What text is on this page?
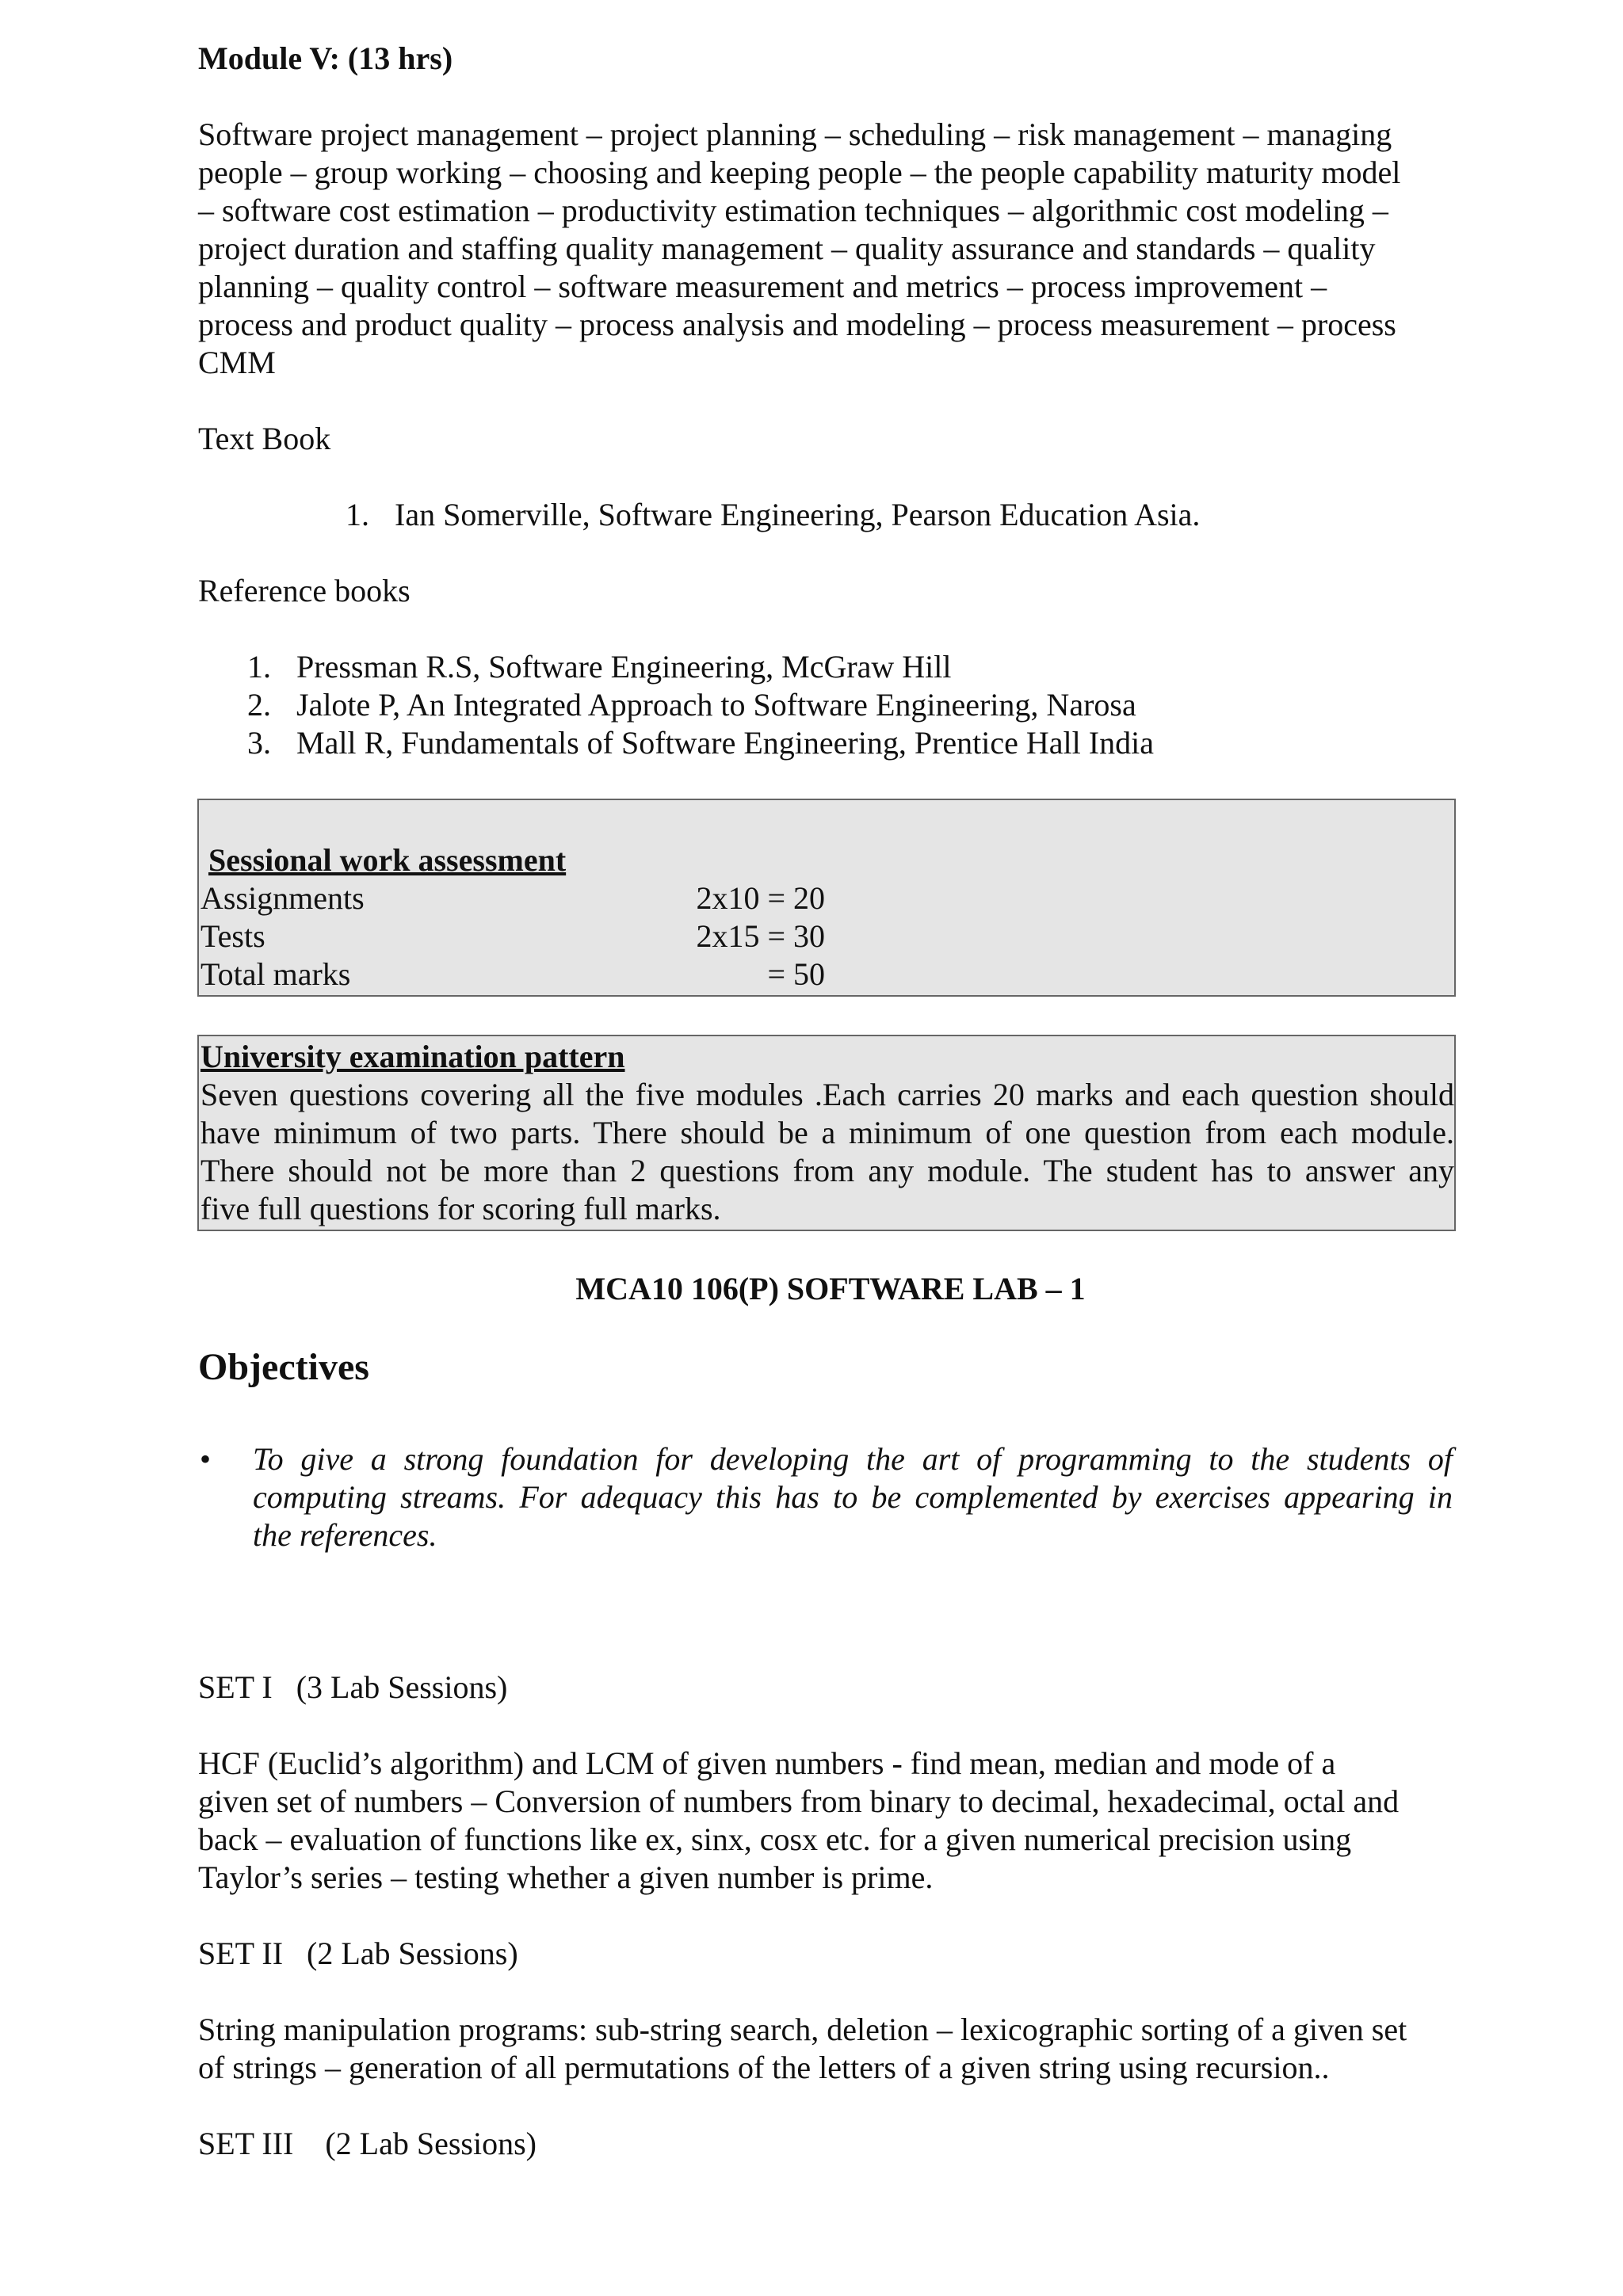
Module V: (13 hrs)
Software project management – project planning – scheduling – risk management – managing
people – group working – choosing and keeping people – the people capability maturity model
– software cost estimation – productivity estimation techniques – algorithmic cost modeling –
project duration and staffing quality management – quality assurance and standards – quality
planning – quality control – software measurement and metrics – process improvement –
process and product quality – process analysis and modeling – process measurement – process
CMM
Text Book
1. Ian Somerville, Software Engineering, Pearson Education Asia.
Reference books
1. Pressman R.S, Software Engineering, McGraw Hill
2. Jalote P, An Integrated Approach to Software Engineering, Narosa
3. Mall R, Fundamentals of Software Engineering, Prentice Hall India
Sessional work assessment
Assignments	2x10 = 20
Tests	2x15 = 30
Total marks	= 50
University examination pattern
Seven questions covering all the five modules .Each carries 20 marks and each question should
have minimum of two parts. There should be a minimum of one question from each module.
There should not be more than 2 questions from any module. The student has to answer any
five full questions for scoring full marks.
MCA10 106(P) SOFTWARE LAB – 1
Objectives
• To give a strong foundation for developing the art of programming to the students of
computing streams. For adequacy this has to be complemented by exercises appearing in
the references.
SET I   (3 Lab Sessions)
HCF (Euclid’s algorithm) and LCM of given numbers - find mean, median and mode of a
given set of numbers – Conversion of numbers from binary to decimal, hexadecimal, octal and
back – evaluation of functions like ex, sinx, cosx etc. for a given numerical precision using
Taylor’s series – testing whether a given number is prime.
SET II   (2 Lab Sessions)
String manipulation programs: sub-string search, deletion – lexicographic sorting of a given set
of strings – generation of all permutations of the letters of a given string using recursion..
SET III    (2 Lab Sessions)
